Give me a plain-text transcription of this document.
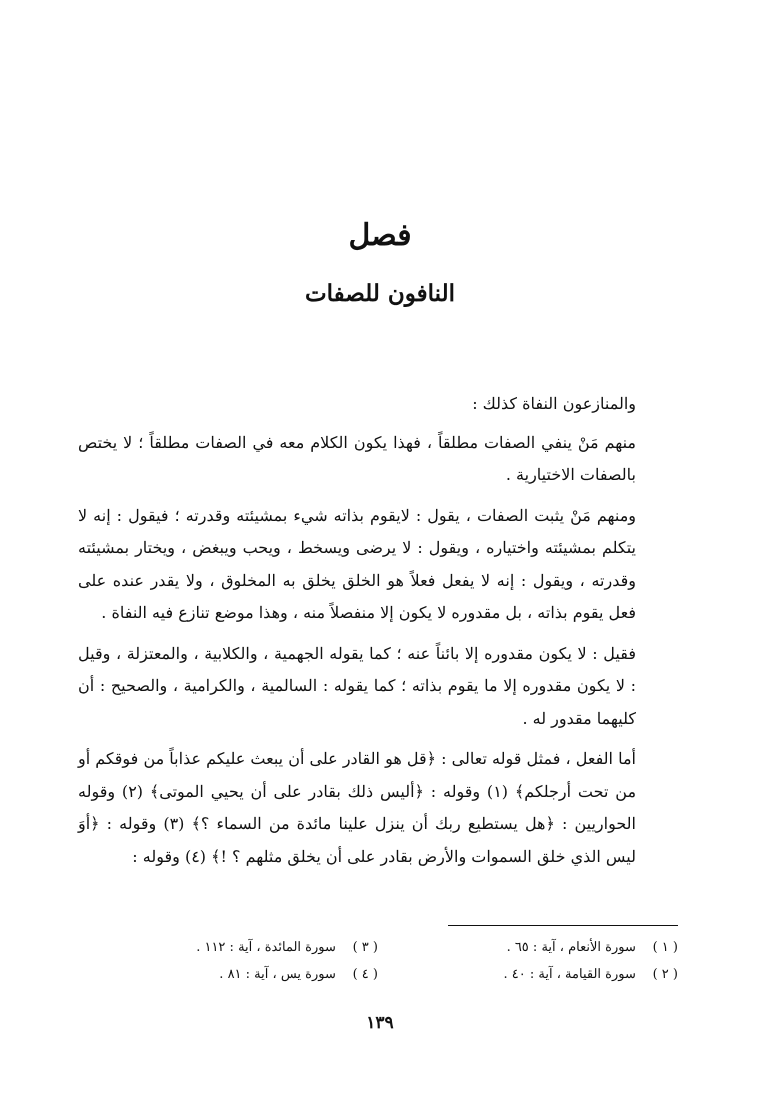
فصل
النافون للصفات

والمنازعون النفاة كذلك :

منهم مَنْ ينفي الصفات مطلقاً ، فهذا يكون الكلام معه في الصفات مطلقاً ؛ لا يختص بالصفات الاختيارية .

ومنهم مَنْ يثبت الصفات ، يقول : لايقوم بذاته شيء بمشيئته وقدرته ؛ فيقول : إنه لا يتكلم بمشيئته واختياره ، ويقول : لا يرضى ويسخط ، ويحب ويبغض ، ويختار بمشيئته وقدرته ، ويقول : إنه لا يفعل فعلاً هو الخلق يخلق به المخلوق ، ولا يقدر عنده على فعل يقوم بذاته ، بل مقدوره لا يكون إلا منفصلاً منه ، وهذا موضع تنازع فيه النفاة .

فقيل : لا يكون مقدوره إلا بائناً عنه ؛ كما يقوله الجهمية ، والكلابية ، والمعتزلة ، وقيل : لا يكون مقدوره إلا ما يقوم بذاته ؛ كما يقوله : السالمية ، والكرامية ، والصحيح : أن كليهما مقدور له .

أما الفعل ، فمثل قوله تعالى : ﴿قل هو القادر على أن يبعث عليكم عذاباً من فوقكم أو من تحت أرجلكم﴾ (١) وقوله : ﴿أليس ذلك بقادر على أن يحيي الموتى﴾ (٢) وقوله الحواريين : ﴿هل يستطيع ربك أن ينزل علينا مائدة من السماء ؟﴾ (٣) وقوله : ﴿أوَ ليس الذي خلق السموات والأرض بقادر على أن يخلق مثلهم ؟ !﴾ (٤) وقوله :

( ١ ) سورة الأنعام ، آية : ٦٥ .
( ٣ ) سورة المائدة ، آية : ١١٢ .
( ٢ ) سورة القيامة ، آية : ٤٠ .
( ٤ ) سورة يس ، آية : ٨١ .
١٣٩
